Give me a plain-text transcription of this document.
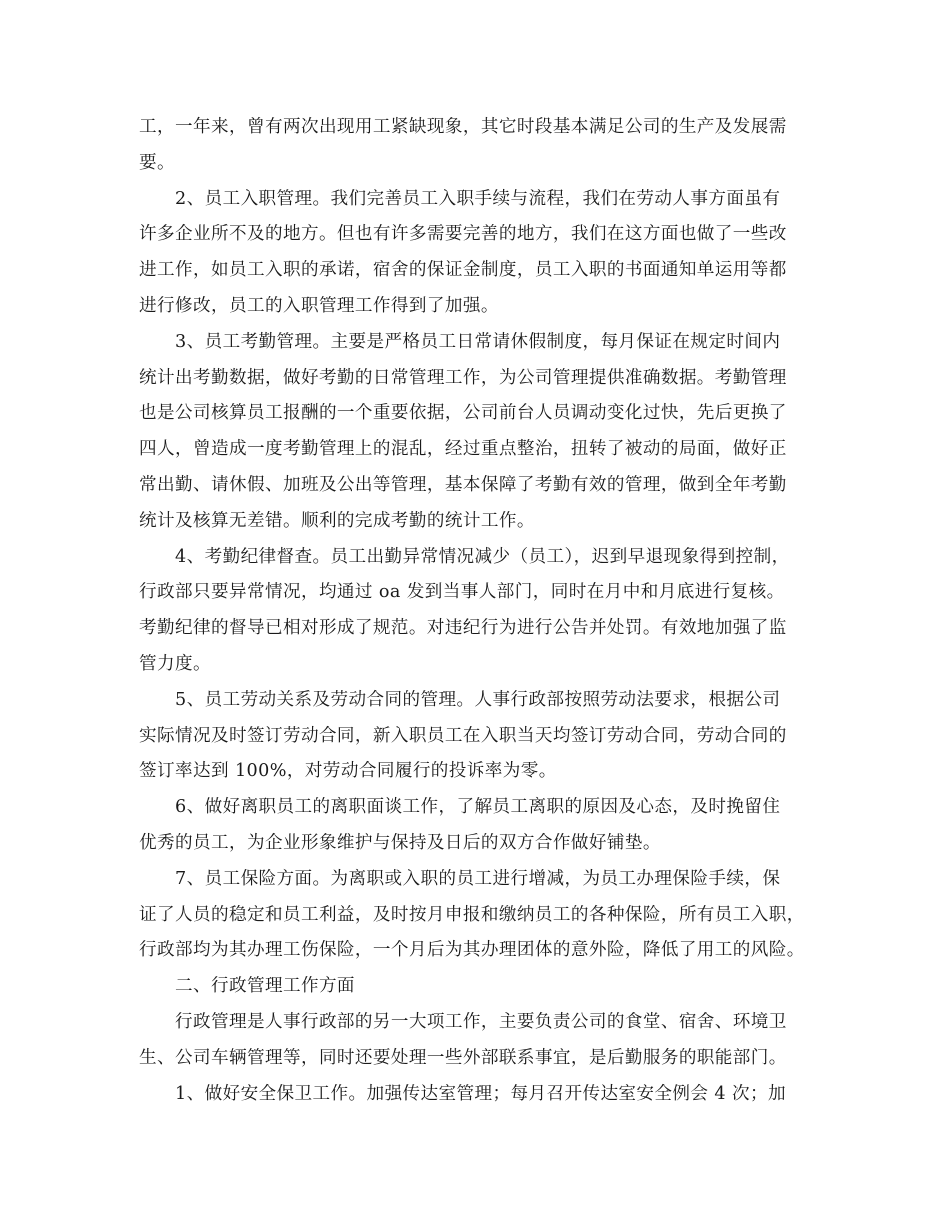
工，一年来，曾有两次出现用工紧缺现象，其它时段基本满足公司的生产及发展需
要。
　　2、员工入职管理。我们完善员工入职手续与流程，我们在劳动人事方面虽有
许多企业所不及的地方。但也有许多需要完善的地方，我们在这方面也做了一些改
进工作，如员工入职的承诺，宿舍的保证金制度，员工入职的书面通知单运用等都
进行修改，员工的入职管理工作得到了加强。
　　3、员工考勤管理。主要是严格员工日常请休假制度，每月保证在规定时间内
统计出考勤数据，做好考勤的日常管理工作，为公司管理提供准确数据。考勤管理
也是公司核算员工报酬的一个重要依据，公司前台人员调动变化过快，先后更换了
四人，曾造成一度考勤管理上的混乱，经过重点整治，扭转了被动的局面，做好正
常出勤、请休假、加班及公出等管理，基本保障了考勤有效的管理，做到全年考勤
统计及核算无差错。顺利的完成考勤的统计工作。
　　4、考勤纪律督查。员工出勤异常情况减少（员工），迟到早退现象得到控制，
行政部只要异常情况，均通过 oa 发到当事人部门，同时在月中和月底进行复核。
考勤纪律的督导已相对形成了规范。对违纪行为进行公告并处罚。有效地加强了监
管力度。
　　5、员工劳动关系及劳动合同的管理。人事行政部按照劳动法要求，根据公司
实际情况及时签订劳动合同，新入职员工在入职当天均签订劳动合同，劳动合同的
签订率达到 100%，对劳动合同履行的投诉率为零。
　　6、做好离职员工的离职面谈工作，了解员工离职的原因及心态，及时挽留住
优秀的员工，为企业形象维护与保持及日后的双方合作做好铺垫。
　　7、员工保险方面。为离职或入职的员工进行增减，为员工办理保险手续，保
证了人员的稳定和员工利益，及时按月申报和缴纳员工的各种保险，所有员工入职，
行政部均为其办理工伤保险，一个月后为其办理团体的意外险，降低了用工的风险。
　　二、行政管理工作方面
　　行政管理是人事行政部的另一大项工作，主要负责公司的食堂、宿舍、环境卫
生、公司车辆管理等，同时还要处理一些外部联系事宜，是后勤服务的职能部门。
　　1、做好安全保卫工作。加强传达室管理；每月召开传达室安全例会 4 次；加
